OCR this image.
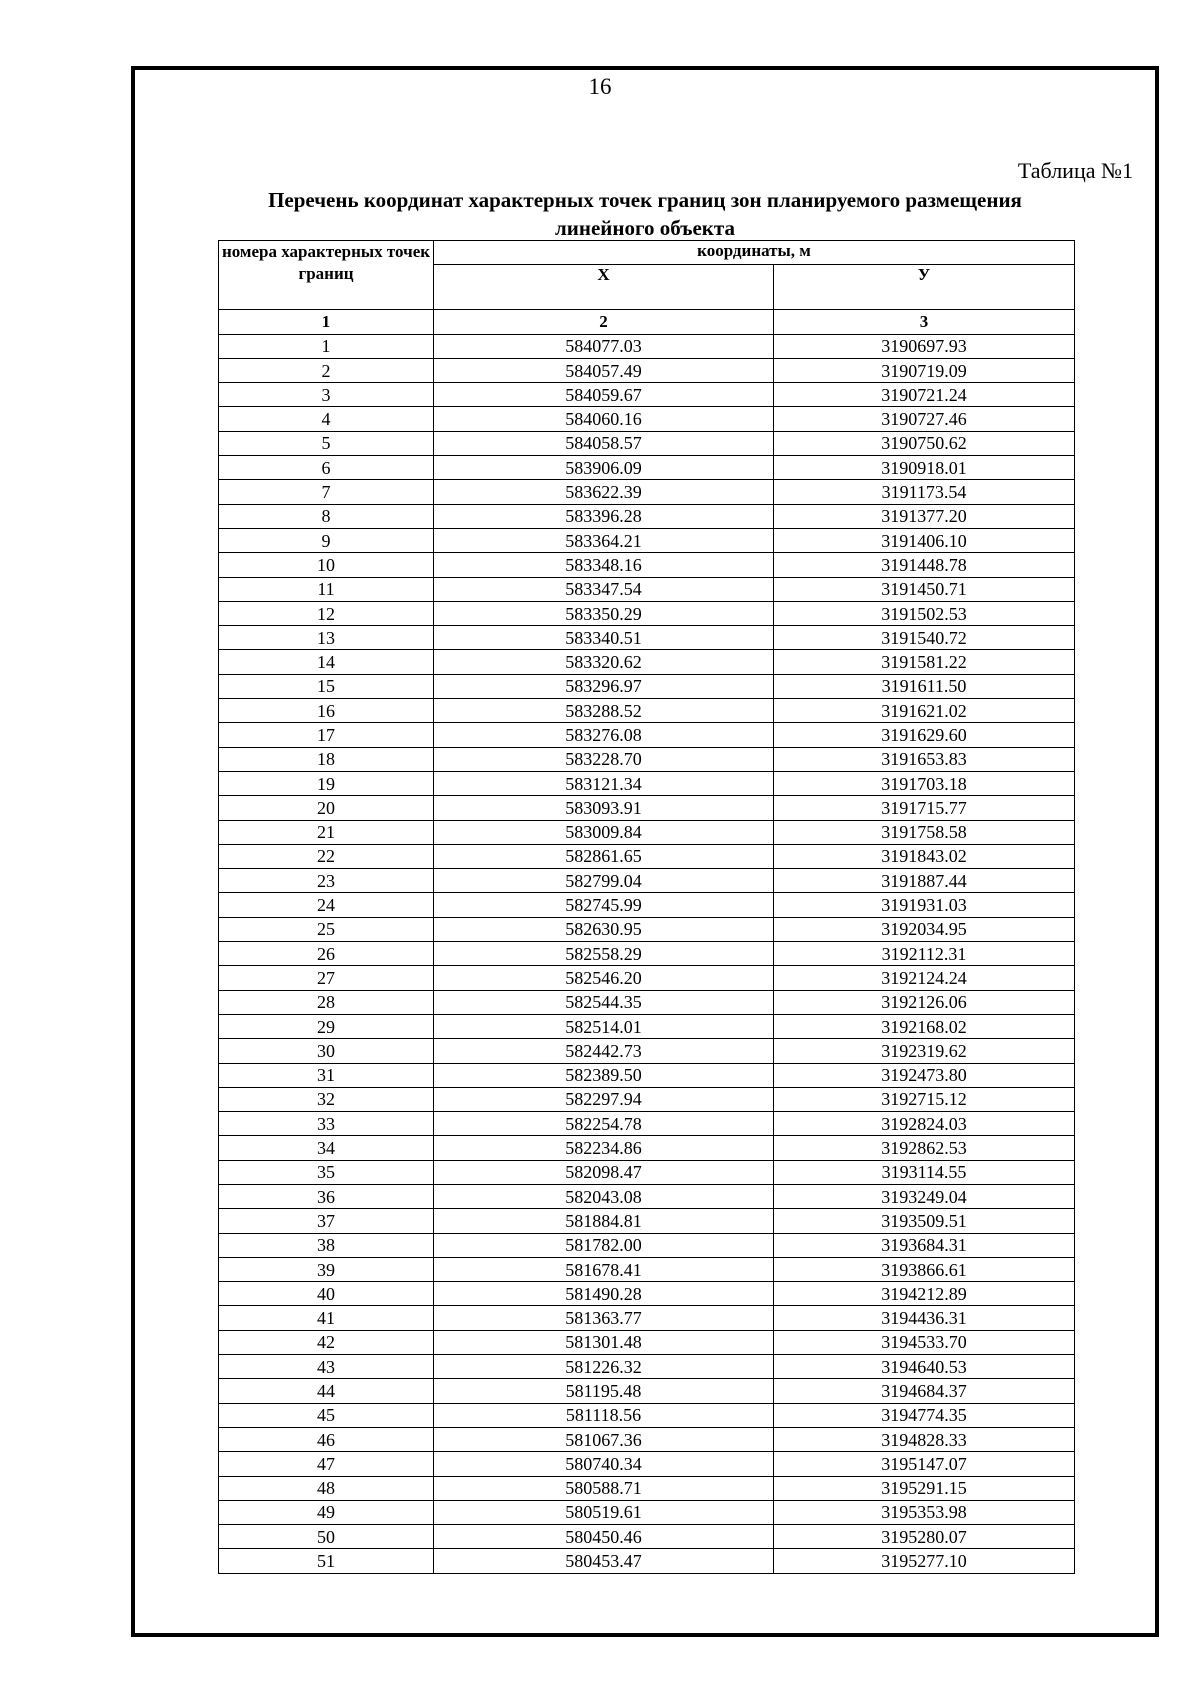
16
Таблица №1
Перечень координат характерных точек границ зон планируемого размещения
линейного объекта
номера характерных точек границ	координаты, м	
	Х	У
1	2	3
1	584077.03	3190697.93
2	584057.49	3190719.09
3	584059.67	3190721.24
4	584060.16	3190727.46
5	584058.57	3190750.62
6	583906.09	3190918.01
7	583622.39	3191173.54
8	583396.28	3191377.20
9	583364.21	3191406.10
10	583348.16	3191448.78
11	583347.54	3191450.71
12	583350.29	3191502.53
13	583340.51	3191540.72
14	583320.62	3191581.22
15	583296.97	3191611.50
16	583288.52	3191621.02
17	583276.08	3191629.60
18	583228.70	3191653.83
19	583121.34	3191703.18
20	583093.91	3191715.77
21	583009.84	3191758.58
22	582861.65	3191843.02
23	582799.04	3191887.44
24	582745.99	3191931.03
25	582630.95	3192034.95
26	582558.29	3192112.31
27	582546.20	3192124.24
28	582544.35	3192126.06
29	582514.01	3192168.02
30	582442.73	3192319.62
31	582389.50	3192473.80
32	582297.94	3192715.12
33	582254.78	3192824.03
34	582234.86	3192862.53
35	582098.47	3193114.55
36	582043.08	3193249.04
37	581884.81	3193509.51
38	581782.00	3193684.31
39	581678.41	3193866.61
40	581490.28	3194212.89
41	581363.77	3194436.31
42	581301.48	3194533.70
43	581226.32	3194640.53
44	581195.48	3194684.37
45	581118.56	3194774.35
46	581067.36	3194828.33
47	580740.34	3195147.07
48	580588.71	3195291.15
49	580519.61	3195353.98
50	580450.46	3195280.07
51	580453.47	3195277.10
